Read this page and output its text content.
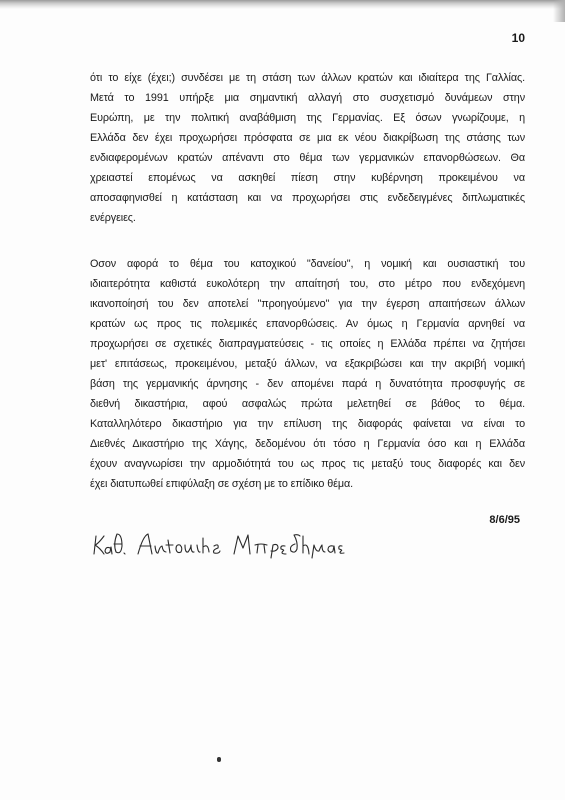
10
ότι το είχε (έχει;) συνδέσει με τη στάση των άλλων κρατών και ιδιαίτερα της Γαλλίας.
Μετά το 1991 υπήρξε μια σημαντική αλλαγή στο συσχετισμό δυνάμεων στην
Ευρώπη, με την πολιτική αναβάθμιση της Γερμανίας. Εξ όσων γνωρίζουμε, η
Ελλάδα δεν έχει προχωρήσει πρόσφατα σε μια εκ νέου διακρίβωση της στάσης των
ενδιαφερομένων κρατών απέναντι στο θέμα των γερμανικών επανορθώσεων. Θα
χρειαστεί επομένως να ασκηθεί πίεση στην κυβέρνηση προκειμένου να
αποσαφηνισθεί η κατάσταση και να προχωρήσει στις ενδεδειγμένες διπλωματικές
ενέργειες.
Οσον αφορά το θέμα του κατοχικού "δανείου", η νομική και ουσιαστική του
ιδιαιτερότητα καθιστά ευκολότερη την απαίτησή του, στο μέτρο που ενδεχόμενη
ικανοποίησή του δεν αποτελεί "προηγούμενο" για την έγερση απαιτήσεων άλλων
κρατών ως προς τις πολεμικές επανορθώσεις. Αν όμως η Γερμανία αρνηθεί να
προχωρήσει σε σχετικές διαπραγματεύσεις - τις οποίες η Ελλάδα πρέπει να ζητήσει
μετ' επιτάσεως, προκειμένου, μεταξύ άλλων, να εξακριβώσει και την ακριβή νομική
βάση της γερμανικής άρνησης - δεν απομένει παρά η δυνατότητα προσφυγής σε
διεθνή δικαστήρια, αφού ασφαλώς πρώτα μελετηθεί σε βάθος το θέμα.
Καταλληλότερο δικαστήριο για την επίλυση της διαφοράς φαίνεται να είναι το
Διεθνές Δικαστήριο της Χάγης, δεδομένου ότι τόσο η Γερμανία όσο και η Ελλάδα
έχουν αναγνωρίσει την αρμοδιότητά του ως προς τις μεταξύ τους διαφορές και δεν
έχει διατυπωθεί επιφύλαξη σε σχέση με το επίδικο θέμα.
8/6/95
